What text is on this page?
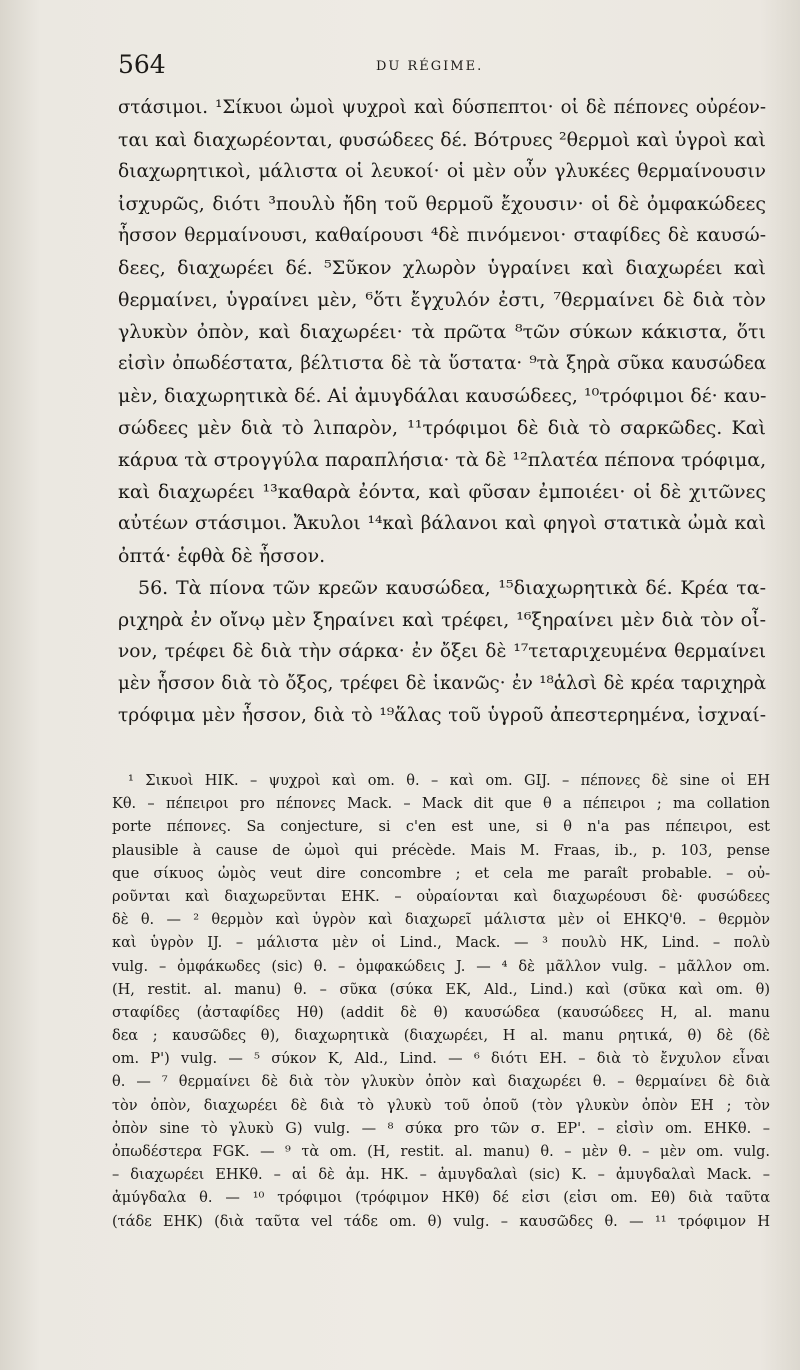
564	DU RÉGIME.
στάσιμοι. ¹Σίκυοι ὠμοὶ ψυχροὶ καὶ δύσπεπτοι· οἱ δὲ πέπονες οὐρέον-
ται καὶ διαχωρέονται, φυσώδεες δέ. Βότρυες ²θερμοὶ καὶ ὑγροὶ καὶ
διαχωρητικοὶ, μάλιστα οἱ λευκοί· οἱ μὲν οὖν γλυκέες θερμαίνουσιν
ἰσχυρῶς, διότι ³πουλὺ ἤδη τοῦ θερμοῦ ἔχουσιν· οἱ δὲ ὀμφακώδεες
ἧσσον θερμαίνουσι, καθαίρουσι ⁴δὲ πινόμενοι· σταφίδες δὲ καυσώ-
δεες, διαχωρέει δέ. ⁵Σῦκον χλωρὸν ὑγραίνει καὶ διαχωρέει καὶ
θερμαίνει, ὑγραίνει μὲν, ⁶ὅτι ἔγχυλόν ἐστι, ⁷θερμαίνει δὲ διὰ τὸν
γλυκὺν ὀπὸν, καὶ διαχωρέει· τὰ πρῶτα ⁸τῶν σύκων κάκιστα, ὅτι
εἰσὶν ὀπωδέστατα, βέλτιστα δὲ τὰ ὕστατα· ⁹τὰ ξηρὰ σῦκα καυσώδεα
μὲν, διαχωρητικὰ δέ. Αἱ ἀμυγδάλαι καυσώδεες, ¹⁰τρόφιμοι δέ· καυ-
σώδεες μὲν διὰ τὸ λιπαρὸν, ¹¹τρόφιμοι δὲ διὰ τὸ σαρκῶδες. Καὶ
κάρυα τὰ στρογγύλα παραπλήσια· τὰ δὲ ¹²πλατέα πέπονα τρόφιμα,
καὶ διαχωρέει ¹³καθαρὰ ἐόντα, καὶ φῦσαν ἐμποιέει· οἱ δὲ χιτῶνες
αὐτέων στάσιμοι. Ἄκυλοι ¹⁴καὶ βάλανοι καὶ φηγοὶ στατικὰ ὠμὰ καὶ
ὀπτά· ἑφθὰ δὲ ἧσσον.
56. Τὰ πίονα τῶν κρεῶν καυσώδεα, ¹⁵διαχωρητικὰ δέ. Κρέα τα-
ριχηρὰ ἐν οἴνῳ μὲν ξηραίνει καὶ τρέφει, ¹⁶ξηραίνει μὲν διὰ τὸν οἶ-
νον, τρέφει δὲ διὰ τὴν σάρκα· ἐν ὄξει δὲ ¹⁷τεταριχευμένα θερμαίνει
μὲν ἧσσον διὰ τὸ ὄξος, τρέφει δὲ ἱκανῶς· ἐν ¹⁸ἁλσὶ δὲ κρέα ταριχηρὰ
τρόφιμα μὲν ἧσσον, διὰ τὸ ¹⁹ἅλας τοῦ ὑγροῦ ἀπεστερημένα, ἰσχναί-
¹ Σικυοὶ HIK. – ψυχροὶ καὶ om. θ. – καὶ om. GIJ. – πέπονες δὲ sine οἱ EH
Kθ. – πέπειροι pro πέπονες Mack. – Mack dit que θ a πέπειροι ; ma collation
porte πέπονες. Sa conjecture, si c'en est une, si θ n'a pas πέπειροι, est
plausible à cause de ὠμοὶ qui précède. Mais M. Fraas, ib., p. 103, pense
que σίκυος ὠμὸς veut dire concombre ; et cela me paraît probable. – οὐ-
ροῦνται καὶ διαχωρεῦνται EHK. – οὐραίονται καὶ διαχωρέουσι δὲ· φυσώδεες
δὲ θ. — ² θερμὸν καὶ ὑγρὸν καὶ διαχωρεῖ μάλιστα μὲν οἱ EHKQ'θ. – θερμὸν
καὶ ὑγρὸν IJ. – μάλιστα μὲν οἱ Lind., Mack. — ³ πουλὺ HK, Lind. – πολὺ
vulg. – ὀμφάκωδες (sic) θ. – ὀμφακώδεις J. — ⁴ δὲ μᾶλλον vulg. – μᾶλλον om.
(H, restit. al. manu) θ. – σῦκα (σύκα EK, Ald., Lind.) καὶ (σῦκα καὶ om. θ)
σταφίδες (ἀσταφίδες Hθ) (addit δὲ θ) καυσώδεα (καυσώδεες H, al. manu
δεα ; καυσῶδες θ), διαχωρητικὰ (διαχωρέει, H al. manu ρητικά, θ) δὲ (δὲ
om. P') vulg. — ⁵ σύκον K, Ald., Lind. — ⁶ διότι EH. – διὰ τὸ ἔνχυλον εἶναι
θ. — ⁷ θερμαίνει δὲ διὰ τὸν γλυκὺν ὀπὸν καὶ διαχωρέει θ. – θερμαίνει δὲ διὰ
τὸν ὀπὸν, διαχωρέει δὲ διὰ τὸ γλυκὺ τοῦ ὀποῦ (τὸν γλυκὺν ὀπὸν EH ; τὸν
ὀπὸν sine τὸ γλυκὺ G) vulg. — ⁸ σύκα pro τῶν σ. EP'. – εἰσὶν om. EHKθ. –
ὀπωδέστερα FGK. — ⁹ τὰ om. (H, restit. al. manu) θ. – μὲν θ. – μὲν om. vulg.
– διαχωρέει EHKθ. – αἱ δὲ ἀμ. HK. – ἀμυγδαλαὶ (sic) K. – ἀμυγδαλαὶ Mack. –
ἀμύγδαλα θ. — ¹⁰ τρόφιμοι (τρόφιμον HKθ) δέ εἰσι (εἰσι om. Eθ) διὰ ταῦτα
(τάδε EHK) (διὰ ταῦτα vel τάδε om. θ) vulg. – καυσῶδες θ. — ¹¹ τρόφιμον H
